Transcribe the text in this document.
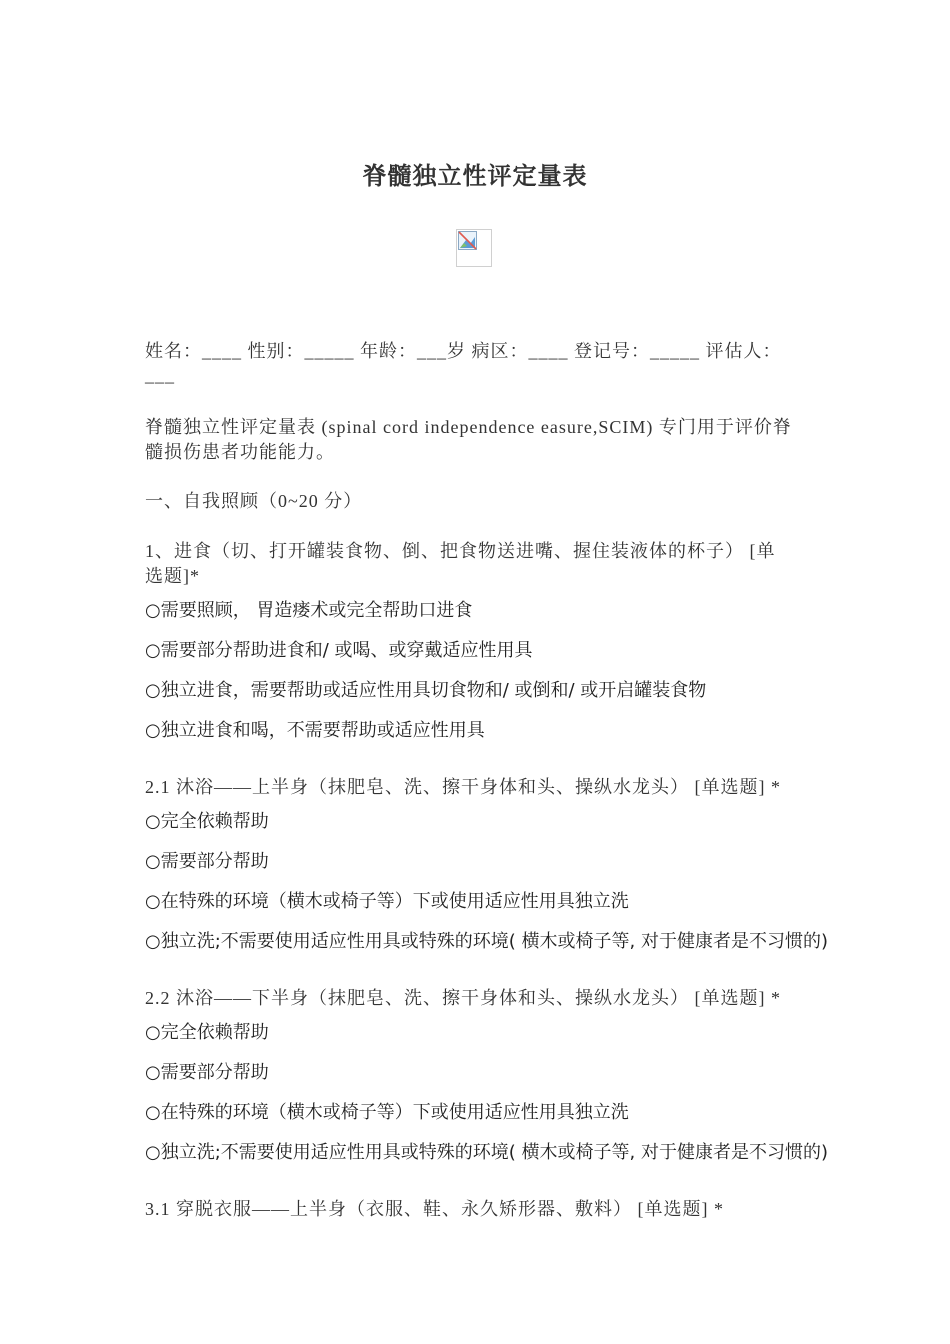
脊髓独立性评定量表
姓名：____ 性别：_____ 年龄：___岁 病区：____ 登记号：_____ 评估人：
___
脊髓独立性评定量表 (spinal cord independence easure,SCIM) 专门用于评价脊
髓损伤患者功能能力。
一、自我照顾（0~20 分）
1、进食（切、打开罐装食物、倒、把食物送进嘴、握住装液体的杯子） [单
选题]*
○需要照顾， 胃造瘘术或完全帮助口进食
○需要部分帮助进食和/ 或喝、或穿戴适应性用具
○独立进食，需要帮助或适应性用具切食物和/ 或倒和/ 或开启罐装食物
○独立进食和喝，不需要帮助或适应性用具
2.1 沐浴——上半身（抹肥皂、洗、擦干身体和头、操纵水龙头） [单选题] *
○完全依赖帮助
○需要部分帮助
○在特殊的环境（横木或椅子等）下或使用适应性用具独立洗
○独立洗;不需要使用适应性用具或特殊的环境( 横木或椅子等, 对于健康者是不习惯的)
2.2 沐浴——下半身（抹肥皂、洗、擦干身体和头、操纵水龙头） [单选题] *
○完全依赖帮助
○需要部分帮助
○在特殊的环境（横木或椅子等）下或使用适应性用具独立洗
○独立洗;不需要使用适应性用具或特殊的环境( 横木或椅子等, 对于健康者是不习惯的)
3.1 穿脱衣服——上半身（衣服、鞋、永久矫形器、敷料） [单选题] *
